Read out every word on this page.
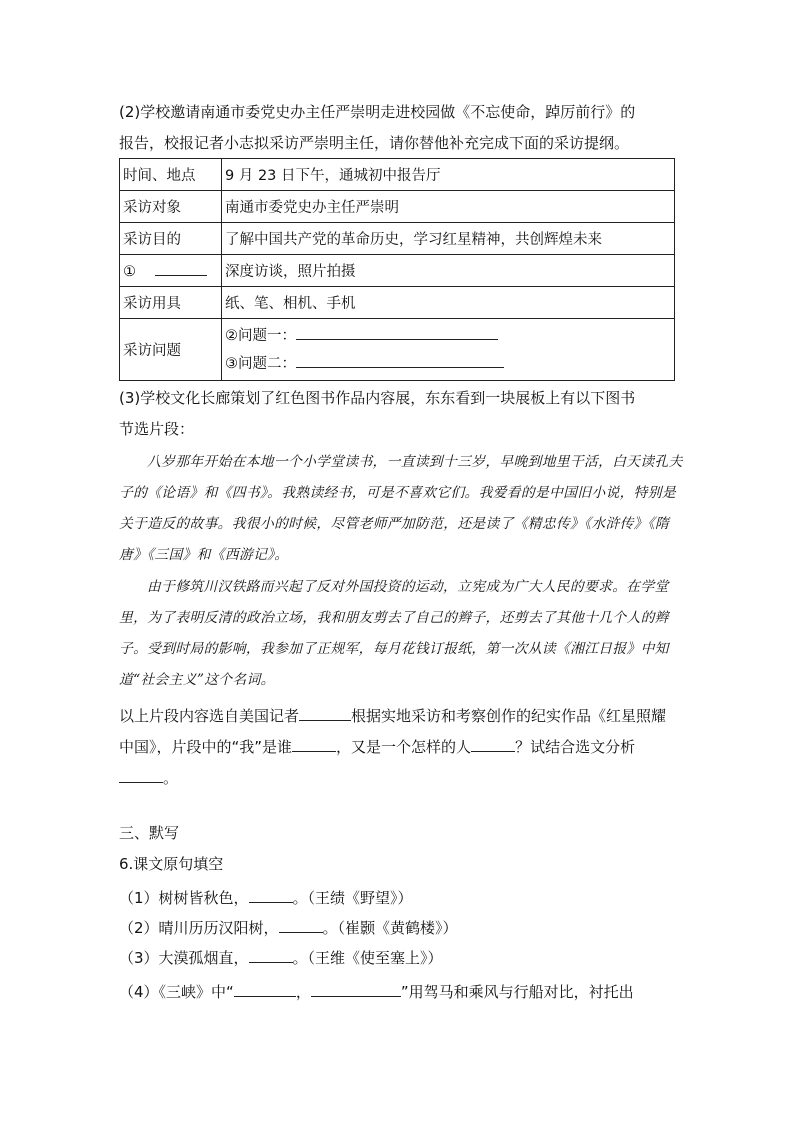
(2)学校邀请南通市委党史办主任严崇明走进校园做《不忘使命，踔厉前行》的
报告，校报记者小志拟采访严崇明主任，请你替他补充完成下面的采访提纲。

时间、地点	9 月 23 日下午，通城初中报告厅
采访对象	南通市委党史办主任严崇明
采访目的	了解中国共产党的革命历史，学习红星精神，共创辉煌未来
①	深度访谈，照片拍摄
采访用具	纸、笔、相机、手机
采访问题	②问题一：
③问题二：

(3)学校文化长廊策划了红色图书作品内容展，东东看到一块展板上有以下图书
节选片段：

八岁那年开始在本地一个小学堂读书，一直读到十三岁，早晚到地里干活，白天读孔夫子的《论语》和《四书》。我熟读经书，可是不喜欢它们。我爱看的是中国旧小说，特别是关于造反的故事。我很小的时候，尽管老师严加防范，还是读了《精忠传》《水浒传》《隋唐》《三国》和《西游记》。

由于修筑川汉铁路而兴起了反对外国投资的运动，立宪成为广大人民的要求。在学堂里，为了表明反清的政治立场，我和朋友剪去了自己的辫子，还剪去了其他十几个人的辫子。受到时局的影响，我参加了正规军，每月花钱订报纸，第一次从读《湘江日报》中知道“社会主义”这个名词。

以上片段内容选自美国记者	根据实地采访和考察创作的纪实作品《红星照耀中国》，片段中的“我”是谁	，又是一个怎样的人	？试结合选文分析。

三、默写
6.课文原句填空
（1）树树皆秋色，	。（王绩《野望》）
（2）晴川历历汉阳树，	。（崔颢《黄鹤楼》）
（3）大漠孤烟直，	。（王维《使至塞上》）
（4）《三峡》中“	，	”用驾马和乘风与行船对比，衬托出
